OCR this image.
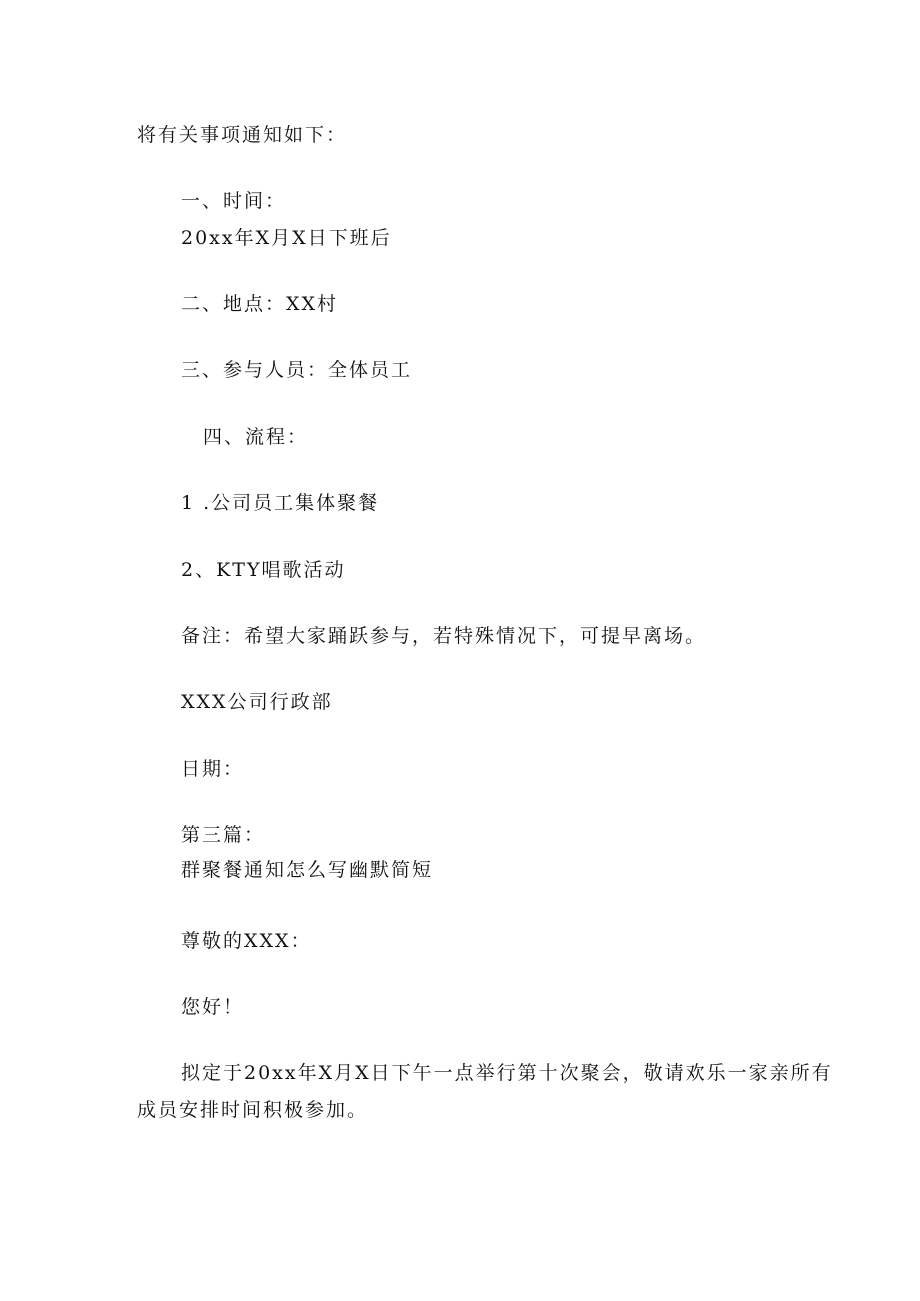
将有关事项通知如下：
一、时间：
20xx年X月X日下班后
二、地点：XX村
三、参与人员：全体员工
四、流程：
1 .公司员工集体聚餐
2、KTY唱歌活动
备注：希望大家踊跃参与，若特殊情况下，可提早离场。
XXX公司行政部
日期：
第三篇：
群聚餐通知怎么写幽默简短
尊敬的XXX：
您好！
拟定于20xx年X月X日下午一点举行第十次聚会，敬请欢乐一家亲所有
成员安排时间积极参加。
